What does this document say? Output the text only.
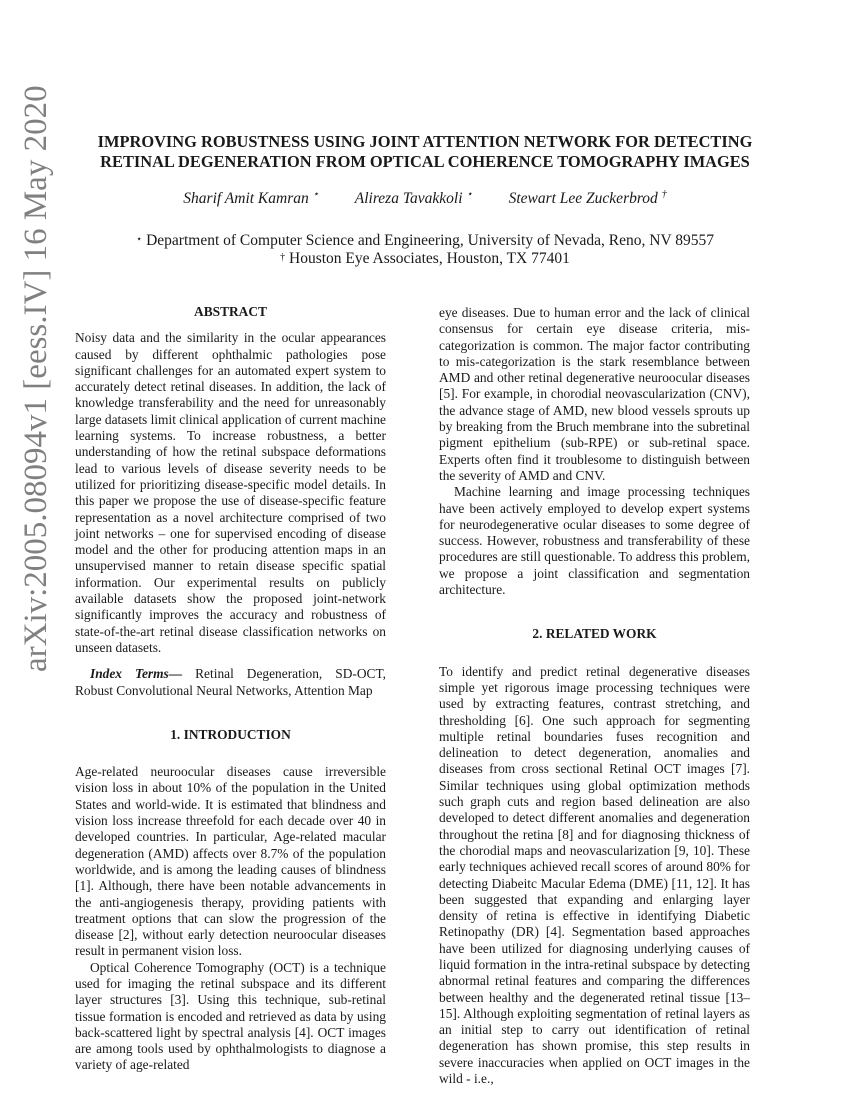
arXiv:2005.08094v1 [eess.IV] 16 May 2020	IMPROVING ROBUSTNESS USING JOINT ATTENTION NETWORK FOR DETECTING
RETINAL DEGENERATION FROM OPTICAL COHERENCE TOMOGRAPHY IMAGES
Sharif Amit Kamran ⋆ Alireza Tavakkoli ⋆ Stewart Lee Zuckerbrod †
⋆ Department of Computer Science and Engineering, University of Nevada, Reno, NV 89557
† Houston Eye Associates, Houston, TX 77401
ABSTRACT

Noisy data and the similarity in the ocular appearances caused by different ophthalmic pathologies pose significant challenges for an automated expert system to accurately detect retinal diseases. In addition, the lack of knowledge transferability and the need for unreasonably large datasets limit clinical application of current machine learning systems. To increase robustness, a better understanding of how the retinal subspace deformations lead to various levels of disease severity needs to be utilized for prioritizing disease-specific model details. In this paper we propose the use of disease-specific feature representation as a novel architecture comprised of two joint networks – one for supervised encoding of disease model and the other for producing attention maps in an unsupervised manner to retain disease specific spatial information. Our experimental results on publicly available datasets show the proposed joint-network significantly improves the accuracy and robustness of state-of-the-art retinal disease classification networks on unseen datasets.

Index Terms— Retinal Degeneration, SD-OCT, Robust Convolutional Neural Networks, Attention Map

1. INTRODUCTION

Age-related neuroocular diseases cause irreversible vision loss in about 10% of the population in the United States and world-wide. It is estimated that blindness and vision loss increase threefold for each decade over 40 in developed countries. In particular, Age-related macular degeneration (AMD) affects over 8.7% of the population worldwide, and is among the leading causes of blindness [1]. Although, there have been notable advancements in the anti-angiogenesis therapy, providing patients with treatment options that can slow the progression of the disease [2], without early detection neuroocular diseases result in permanent vision loss.

Optical Coherence Tomography (OCT) is a technique used for imaging the retinal subspace and its different layer structures [3]. Using this technique, sub-retinal tissue formation is encoded and retrieved as data by using back-scattered light by spectral analysis [4]. OCT images are among tools used by ophthalmologists to diagnose a variety of age-related

eye diseases. Due to human error and the lack of clinical consensus for certain eye disease criteria, mis-categorization is common. The major factor contributing to mis-categorization is the stark resemblance between AMD and other retinal degenerative neuroocular diseases [5]. For example, in chorodial neovascularization (CNV), the advance stage of AMD, new blood vessels sprouts up by breaking from the Bruch membrane into the subretinal pigment epithelium (sub-RPE) or sub-retinal space. Experts often find it troublesome to distinguish between the severity of AMD and CNV.

Machine learning and image processing techniques have been actively employed to develop expert systems for neurodegenerative ocular diseases to some degree of success. However, robustness and transferability of these procedures are still questionable. To address this problem, we propose a joint classification and segmentation architecture.

2. RELATED WORK

To identify and predict retinal degenerative diseases simple yet rigorous image processing techniques were used by extracting features, contrast stretching, and thresholding [6]. One such approach for segmenting multiple retinal boundaries fuses recognition and delineation to detect degeneration, anomalies and diseases from cross sectional Retinal OCT images [7]. Similar techniques using global optimization methods such graph cuts and region based delineation are also developed to detect different anomalies and degeneration throughout the retina [8] and for diagnosing thickness of the chorodial maps and neovascularization [9, 10]. These early techniques achieved recall scores of around 80% for detecting Diabeitc Macular Edema (DME) [11, 12]. It has been suggested that expanding and enlarging layer density of retina is effective in identifying Diabetic Retinopathy (DR) [4]. Segmentation based approaches have been utilized for diagnosing underlying causes of liquid formation in the intra-retinal subspace by detecting abnormal retinal features and comparing the differences between healthy and the degenerated retinal tissue [13–15]. Although exploiting segmentation of retinal layers as an initial step to carry out identification of retinal degeneration has shown promise, this step results in severe inaccuracies when applied on OCT images in the wild - i.e.,
